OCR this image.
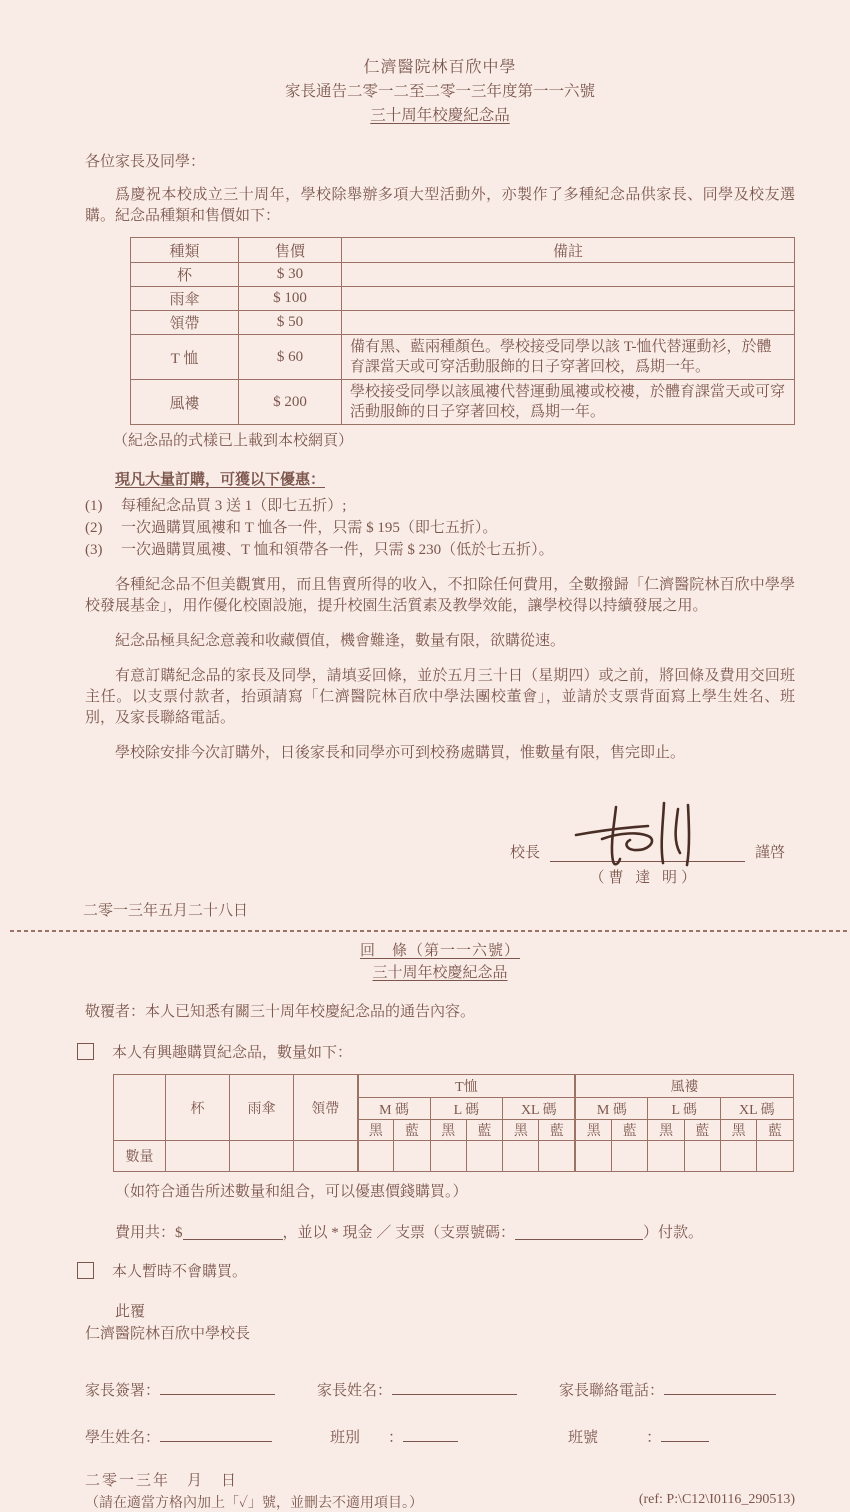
仁濟醫院林百欣中學
家長通告二零一二至二零一三年度第一一六號
三十周年校慶紀念品
各位家長及同學：

爲慶祝本校成立三十周年，學校除舉辦多項大型活動外，亦製作了多種紀念品供家長、同學及校友選購。紀念品種類和售價如下：

種類	售價	備註
杯	$ 30	
雨傘	$ 100	
領帶	$ 50	
T 恤	$ 60	備有黑、藍兩種顏色。學校接受同學以該 T-恤代替運動衫，於體育課當天或可穿活動服飾的日子穿著回校，爲期一年。
風褸	$ 200	學校接受同學以該風褸代替運動風褸或校褸，於體育課當天或可穿活動服飾的日子穿著回校，爲期一年。
（紀念品的式樣已上載到本校網頁）
現凡大量訂購，可獲以下優惠：
(1)	每種紀念品買 3 送 1（即七五折）;
(2)	一次過購買風褸和 T 恤各一件，只需 $ 195（即七五折）。
(3)	一次過購買風褸、T 恤和領帶各一件，只需 $ 230（低於七五折）。

各種紀念品不但美觀實用，而且售賣所得的收入，不扣除任何費用，全數撥歸「仁濟醫院林百欣中學學校發展基金」，用作優化校園設施，提升校園生活質素及教學效能，讓學校得以持續發展之用。

紀念品極具紀念意義和收藏價值，機會難逢，數量有限，欲購從速。

有意訂購紀念品的家長及同學，請填妥回條，並於五月三十日（星期四）或之前，將回條及費用交回班主任。以支票付款者，抬頭請寫「仁濟醫院林百欣中學法團校董會」，並請於支票背面寫上學生姓名、班別，及家長聯絡電話。

學校除安排今次訂購外，日後家長和同學亦可到校務處購買，惟數量有限，售完即止。

校長	謹啓
（曹 達 明）
二零一三年五月二十八日
回　條（第一一六號）
三十周年校慶紀念品
敬覆者：本人已知悉有關三十周年校慶紀念品的通告內容。
本人有興趣購買紀念品，數量如下：
	杯	雨傘	領帶	T恤						風褸					
				M 碼		L 碼		XL 碼		M 碼		L 碼		XL 碼	
				黑	藍	黑	藍	黑	藍	黑	藍	黑	藍	黑	藍
數量															
（如符合通告所述數量和組合，可以優惠價錢購買。）
費用共：$	，並以 * 現金 ／ 支票（支票號碼：	）付款。
本人暫時不會購買。
此覆
仁濟醫院林百欣中學校長
家長簽署：	家長姓名：	家長聯絡電話：
學生姓名：	班別 ：	班號	：
二零一三年　月　日
（請在適當方格內加上「✓」號，並刪去不適用項目。）	(ref: P:\C12\I0116_290513)
